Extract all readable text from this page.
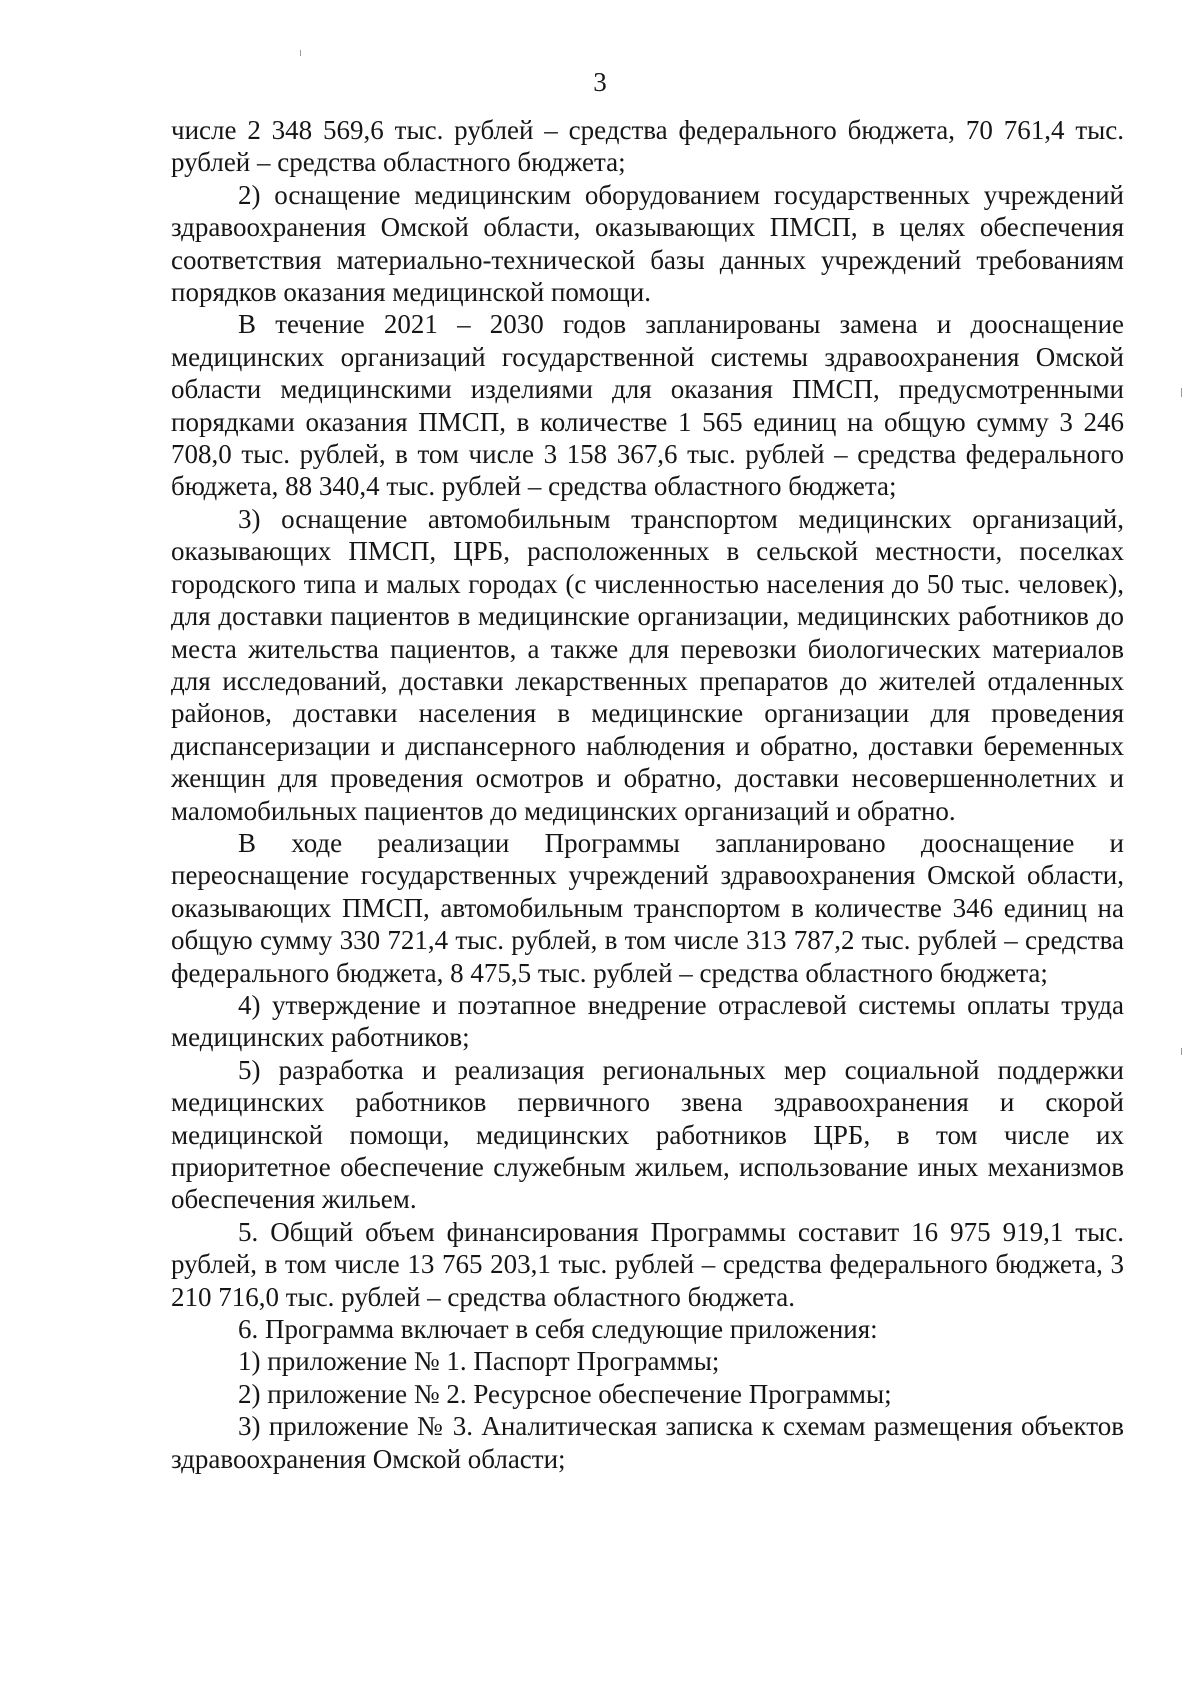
3

числе 2 348 569,6 тыс. рублей – средства федерального бюджета, 70 761,4 тыс. рублей – средства областного бюджета;

2) оснащение медицинским оборудованием государственных учреждений здравоохранения Омской области, оказывающих ПМСП, в целях обеспечения соответствия материально-технической базы данных учреждений требованиям порядков оказания медицинской помощи.

В течение 2021 – 2030 годов запланированы замена и дооснащение медицинских организаций государственной системы здравоохранения Омской области медицинскими изделиями для оказания ПМСП, предусмотренными порядками оказания ПМСП, в количестве 1 565 единиц на общую сумму 3 246 708,0 тыс. рублей, в том числе 3 158 367,6 тыс. рублей – средства федерального бюджета, 88 340,4 тыс. рублей – средства областного бюджета;

3) оснащение автомобильным транспортом медицинских организаций, оказывающих ПМСП, ЦРБ, расположенных в сельской местности, поселках городского типа и малых городах (с численностью населения до 50 тыс. человек), для доставки пациентов в медицинские организации, медицинских работников до места жительства пациентов, а также для перевозки биологических материалов для исследований, доставки лекарственных препаратов до жителей отдаленных районов, доставки населения в медицинские организации для проведения диспансеризации и диспансерного наблюдения и обратно, доставки беременных женщин для проведения осмотров и обратно, доставки несовершеннолетних и маломобильных пациентов до медицинских организаций и обратно.

В ходе реализации Программы запланировано дооснащение и переоснащение государственных учреждений здравоохранения Омской области, оказывающих ПМСП, автомобильным транспортом в количестве 346 единиц на общую сумму 330 721,4 тыс. рублей, в том числе 313 787,2 тыс. рублей – средства федерального бюджета, 8 475,5 тыс. рублей – средства областного бюджета;

4) утверждение и поэтапное внедрение отраслевой системы оплаты труда медицинских работников;

5) разработка и реализация региональных мер социальной поддержки медицинских работников первичного звена здравоохранения и скорой медицинской помощи, медицинских работников ЦРБ, в том числе их приоритетное обеспечение служебным жильем, использование иных механизмов обеспечения жильем.

5. Общий объем финансирования Программы составит 16 975 919,1 тыс. рублей, в том числе 13 765 203,1 тыс. рублей – средства федерального бюджета, 3 210 716,0 тыс. рублей – средства областного бюджета.

6. Программа включает в себя следующие приложения:

1) приложение № 1. Паспорт Программы;

2) приложение № 2. Ресурсное обеспечение Программы;

3) приложение № 3. Аналитическая записка к схемам размещения объектов здравоохранения Омской области;
